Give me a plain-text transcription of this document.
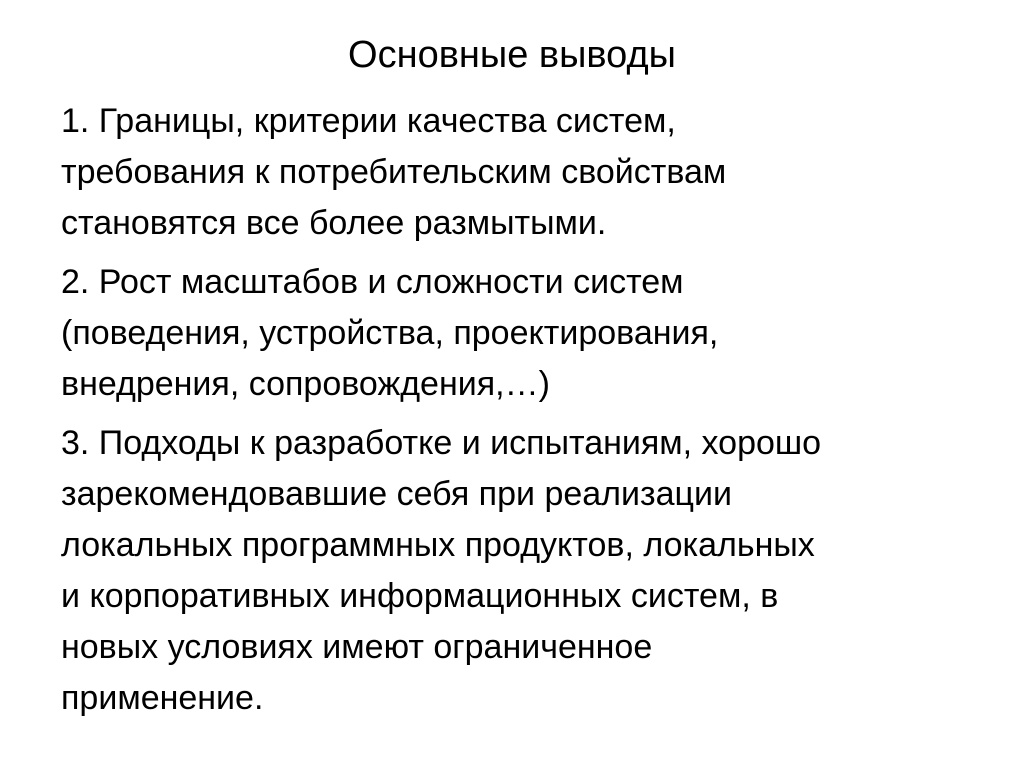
Основные выводы

1. Границы, критерии качества систем,
требования к потребительским свойствам
становятся все более размытыми.

2. Рост масштабов и сложности систем
(поведения, устройства, проектирования,
внедрения, сопровождения,…)

3. Подходы к разработке и испытаниям, хорошо
зарекомендовавшие себя при реализации
локальных программных продуктов, локальных
и корпоративных информационных систем, в
новых условиях имеют ограниченное
применение.
